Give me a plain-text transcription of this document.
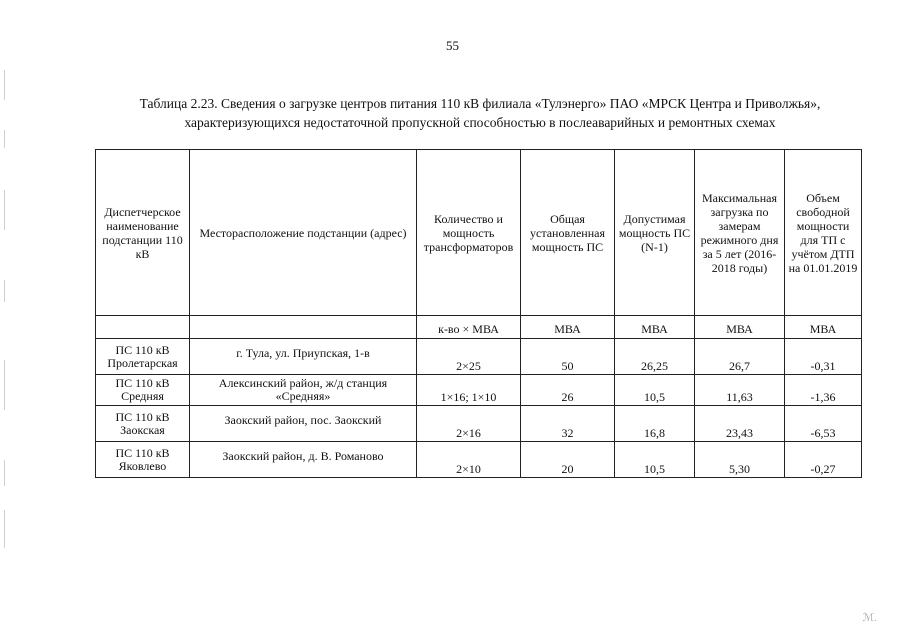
55
Таблица 2.23. Сведения о загрузке центров питания 110 кВ филиала «Тулэнерго» ПАО «МРСК Центра и Приволжья»,
характеризующихся недостаточной пропускной способностью в послеаварийных и ремонтных схемах
Диспетчерское наименование подстанции 110 кВ	Месторасположение подстанции (адрес)	Количество и мощность трансформаторов	Общая установленная мощность ПС	Допустимая мощность ПС (N-1)	Максимальная загрузка по замерам режимного дня за 5 лет (2016- 2018 годы)	Объем свободной мощности для ТП с учётом ДТП на 01.01.2019
		к-во × МВА	МВА	МВА	МВА	МВА
ПС 110 кВ Пролетарская	г. Тула, ул. Приупская, 1-в	2×25	50	26,25	26,7	-0,31
ПС 110 кВ Средняя	Алексинский район, ж/д станция «Средняя»	1×16; 1×10	26	10,5	11,63	-1,36
ПС 110 кВ Заокская	Заокский район, пос. Заокский	2×16	32	16,8	23,43	-6,53
ПС 110 кВ Яковлево	Заокский район, д. В. Романово	2×10	20	10,5	5,30	-0,27
ℳ.
